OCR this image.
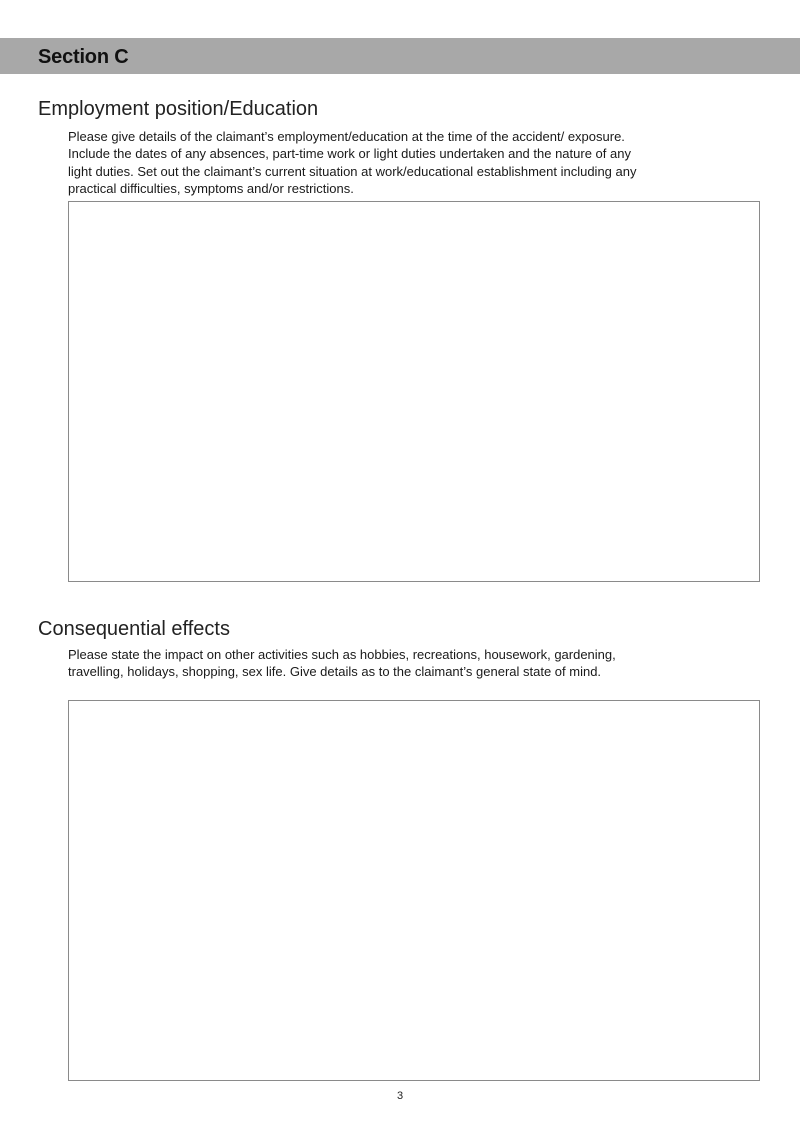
Section C
Employment position/Education

Please give details of the claimant’s employment/education at the time of the accident/ exposure. Include the dates of any absences, part-time work or light duties undertaken and the nature of any light duties. Set out the claimant’s current situation at work/educational establishment including any practical difficulties, symptoms and/or restrictions.

Consequential effects

Please state the impact on other activities such as hobbies, recreations, housework, gardening, travelling, holidays, shopping, sex life. Give details as to the claimant’s general state of mind.

3
